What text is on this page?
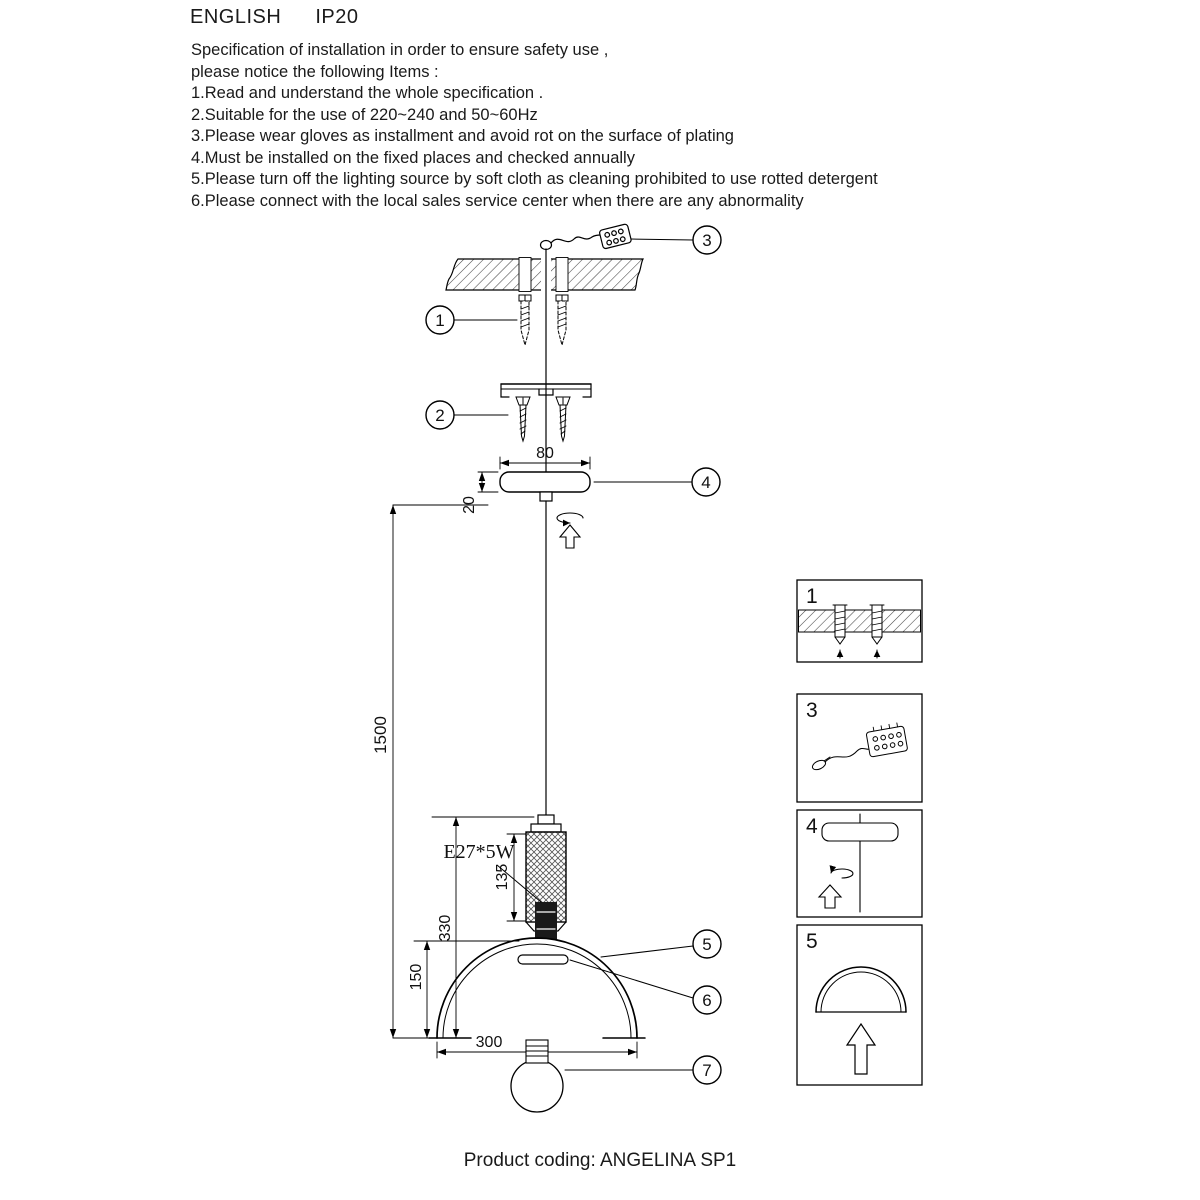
ENGLISH IP20
Specification of installation in order to ensure safety use ,
please notice the following Items :
1.Read and understand the whole specification .
2.Suitable for the use of 220~240 and 50~60Hz
3.Please wear gloves as installment and avoid rot on the surface of plating
4.Must be installed on the fixed places and checked annually
5.Please turn off the lighting source by soft cloth as cleaning prohibited to use rotted detergent
6.Please connect with the local sales service center when there are any abnormality
80
20
1500
330
135
150
E27*5W
300
1
2
3
4
5
6
7
1
3
4
5
Product coding: ANGELINA SP1
